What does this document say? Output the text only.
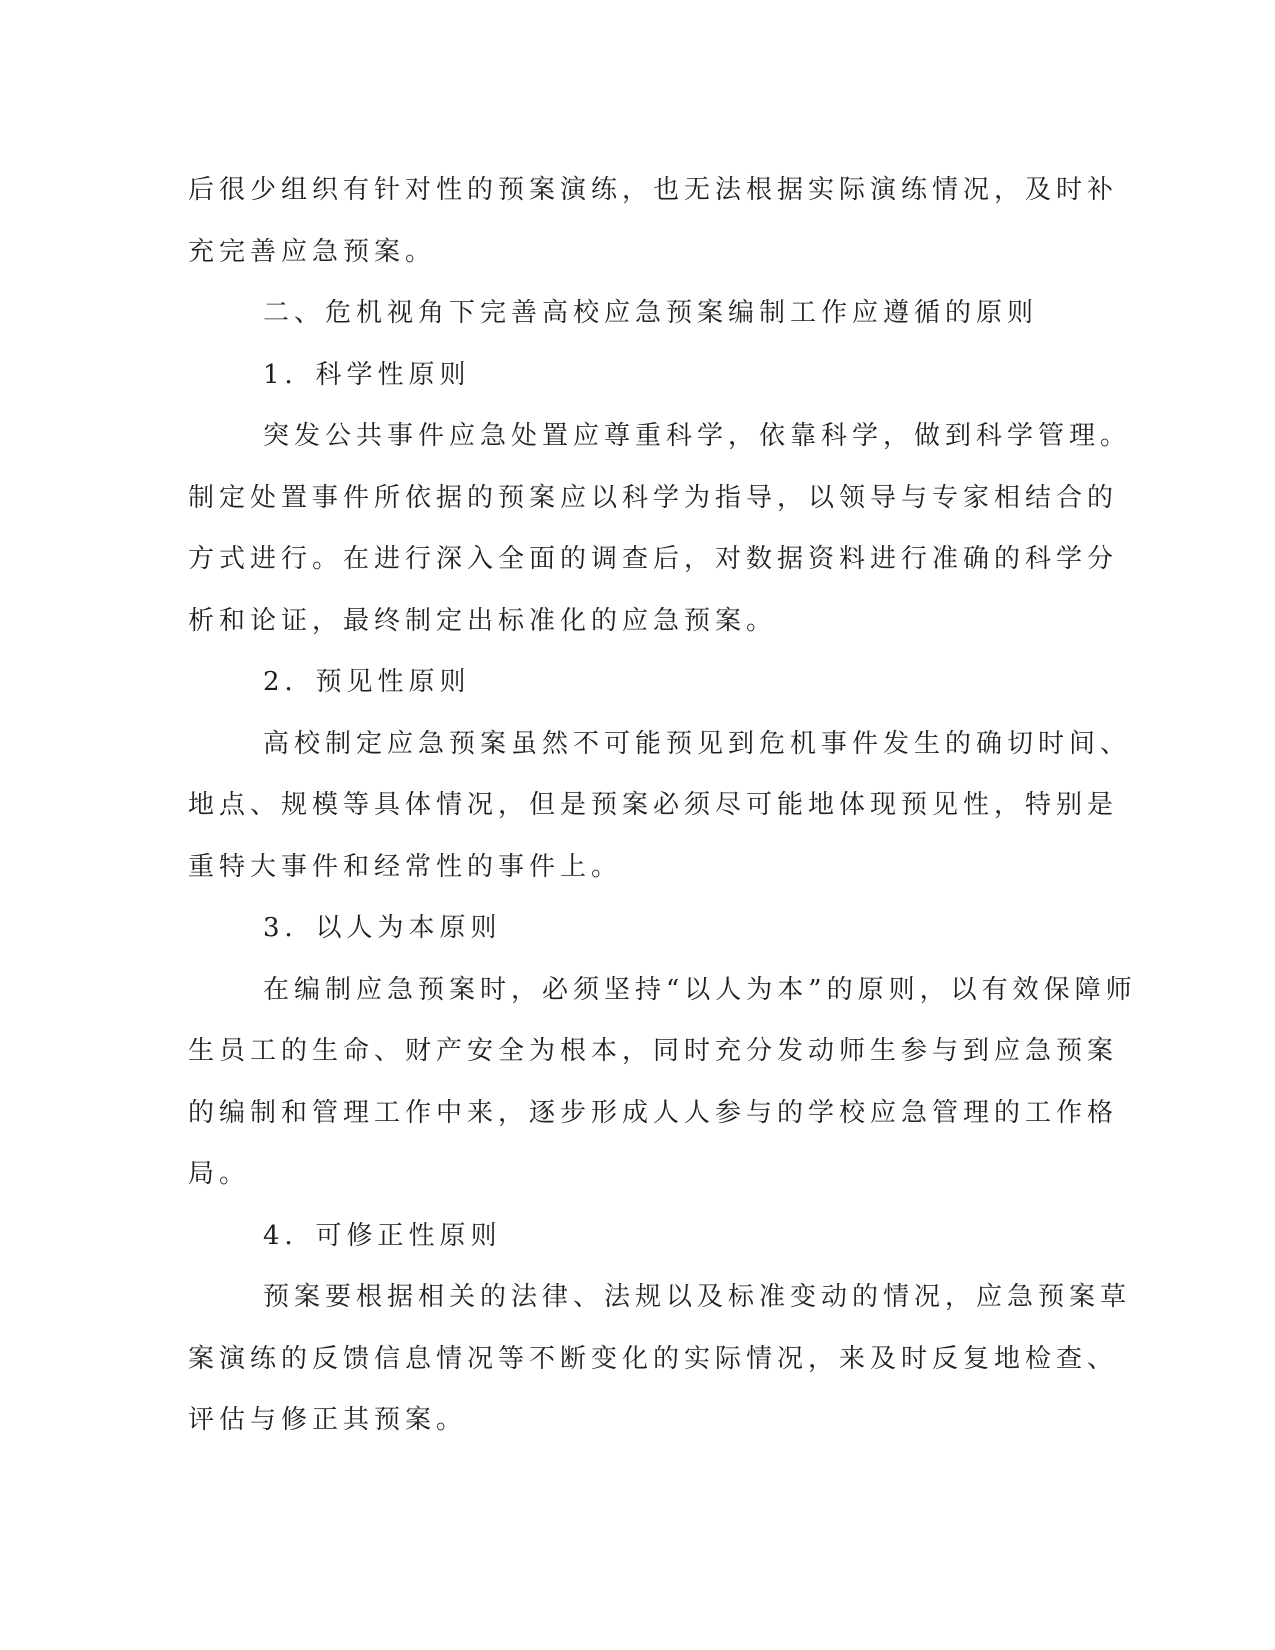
后很少组织有针对性的预案演练，也无法根据实际演练情况，及时补
充完善应急预案。
二、危机视角下完善高校应急预案编制工作应遵循的原则
1．科学性原则
突发公共事件应急处置应尊重科学，依靠科学，做到科学管理。
制定处置事件所依据的预案应以科学为指导，以领导与专家相结合的
方式进行。在进行深入全面的调查后，对数据资料进行准确的科学分
析和论证，最终制定出标准化的应急预案。
2．预见性原则
高校制定应急预案虽然不可能预见到危机事件发生的确切时间、
地点、规模等具体情况，但是预案必须尽可能地体现预见性，特别是
重特大事件和经常性的事件上。
3．以人为本原则
在编制应急预案时，必须坚持“以人为本”的原则，以有效保障师
生员工的生命、财产安全为根本，同时充分发动师生参与到应急预案
的编制和管理工作中来，逐步形成人人参与的学校应急管理的工作格
局。
4．可修正性原则
预案要根据相关的法律、法规以及标准变动的情况，应急预案草
案演练的反馈信息情况等不断变化的实际情况，来及时反复地检查、
评估与修正其预案。
